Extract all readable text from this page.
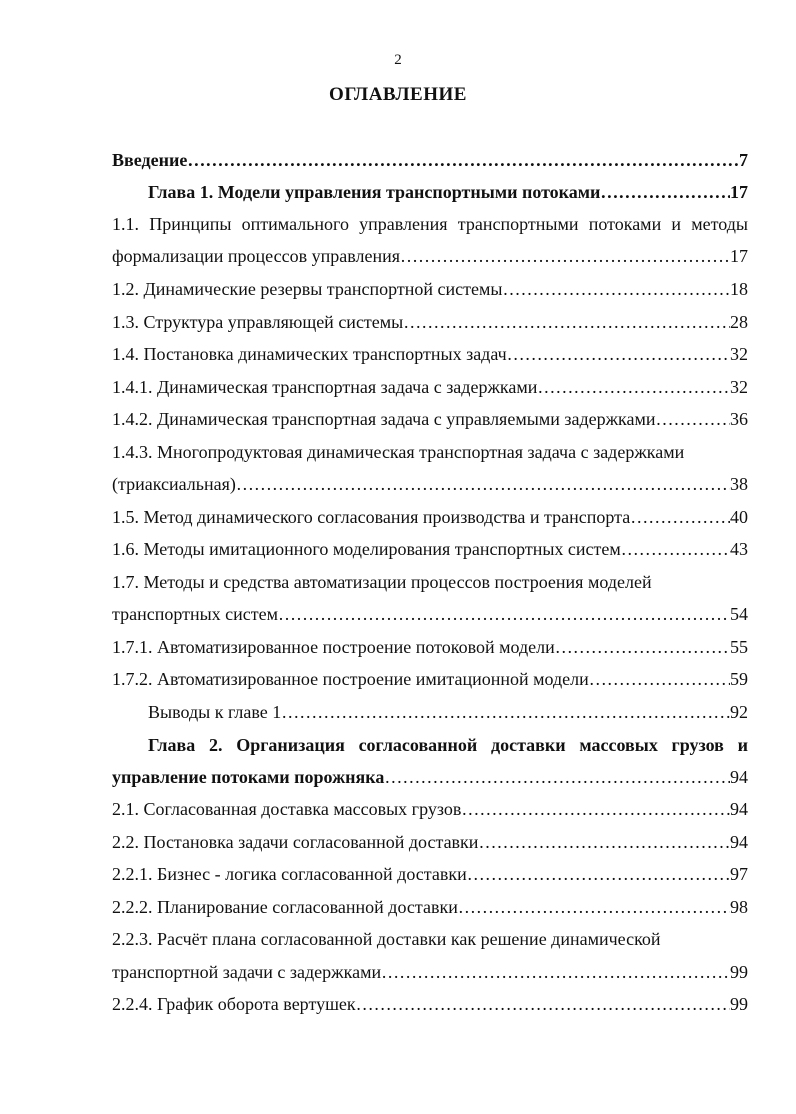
2
ОГЛАВЛЕНИЕ
Введение …………………………………………………………………………………………………………………………………	7
Глава 1. Модели управления транспортными потоками …………………………………………………………………………………………………………………………………	17
1.1. Принципы оптимального управления транспортными потоками и методы
формализации процессов управления …………………………………………………………………………………………………………………………………	17
1.2. Динамические резервы транспортной системы …………………………………………………………………………………………………………………………………	18
1.3. Структура управляющей системы …………………………………………………………………………………………………………………………………	28
1.4. Постановка динамических транспортных задач …………………………………………………………………………………………………………………………………	32
1.4.1. Динамическая транспортная задача с задержками …………………………………………………………………………………………………………………………………	32
1.4.2. Динамическая транспортная задача с управляемыми задержками …………………………………………………………………………………………………………………………………	36
1.4.3. Многопродуктовая динамическая транспортная задача с задержками
(триаксиальная) …………………………………………………………………………………………………………………………………	38
1.5. Метод динамического согласования производства и транспорта …………………………………………………………………………………………………………………………………	40
1.6. Методы имитационного моделирования транспортных систем …………………………………………………………………………………………………………………………………	43
1.7. Методы и средства автоматизации процессов построения моделей
транспортных систем …………………………………………………………………………………………………………………………………	54
1.7.1. Автоматизированное построение потоковой модели …………………………………………………………………………………………………………………………………	55
1.7.2. Автоматизированное построение имитационной модели …………………………………………………………………………………………………………………………………	59
Выводы к главе 1 …………………………………………………………………………………………………………………………………	92
Глава 2. Организация согласованной доставки массовых грузов и
управление потоками порожняка …………………………………………………………………………………………………………………………………	94
2.1. Согласованная доставка массовых грузов …………………………………………………………………………………………………………………………………	94
2.2. Постановка задачи согласованной доставки …………………………………………………………………………………………………………………………………	94
2.2.1. Бизнес - логика согласованной доставки …………………………………………………………………………………………………………………………………	97
2.2.2. Планирование согласованной доставки …………………………………………………………………………………………………………………………………	98
2.2.3. Расчёт плана согласованной доставки как решение динамической
транспортной задачи с задержками …………………………………………………………………………………………………………………………………	99
2.2.4. График оборота вертушек …………………………………………………………………………………………………………………………………	99
